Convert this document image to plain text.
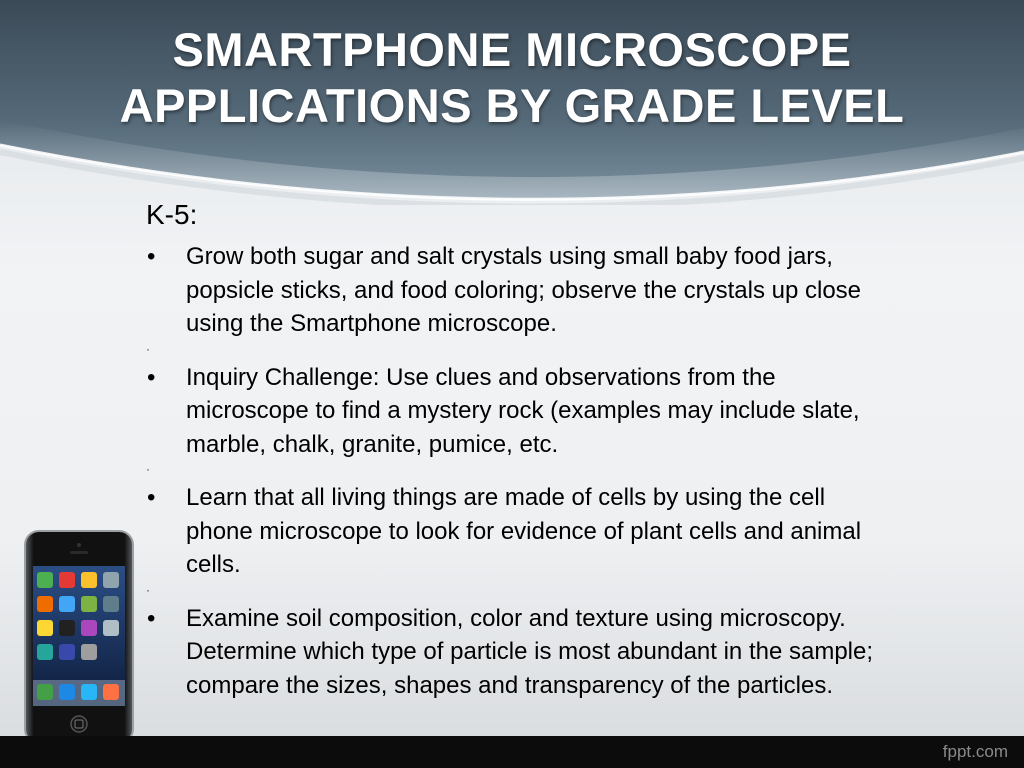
SMARTPHONE MICROSCOPE
APPLICATIONS BY GRADE LEVEL
K-5:
• Grow both sugar and salt crystals using small baby food jars,
popsicle sticks, and food coloring; observe the crystals up close
using the Smartphone microscope.
·
• Inquiry Challenge: Use clues and observations from the
microscope to find a mystery rock (examples may include slate,
marble, chalk, granite, pumice, etc.
·
• Learn that all living things are made of cells by using the cell
phone microscope to look for evidence of plant cells and animal
cells.
·
• Examine soil composition, color and texture using microscopy.
Determine which type of particle is most abundant in the sample;
compare the sizes, shapes and transparency of the particles.
fppt.com
